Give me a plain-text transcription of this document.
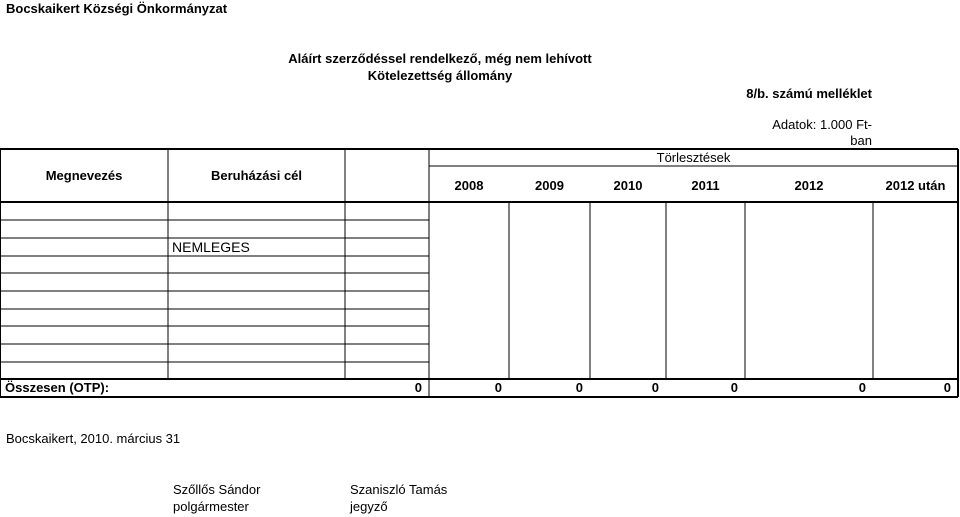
Bocskaikert Községi Önkormányzat
Aláírt szerződéssel rendelkező, még nem lehívott
Kötelezettség állomány
8/b. számú melléklet
Adatok: 1.000 Ft-
ban
Megnevezés	Beruházási cél
Törlesztések
2008	2009	2010	2011	2012	2012 után
NEMLEGES
Összesen (OTP):	0	0	0	0	0	0	0
Bocskaikert, 2010. március 31
Szőllős Sándor
polgármester
Szaniszló Tamás
jegyző
